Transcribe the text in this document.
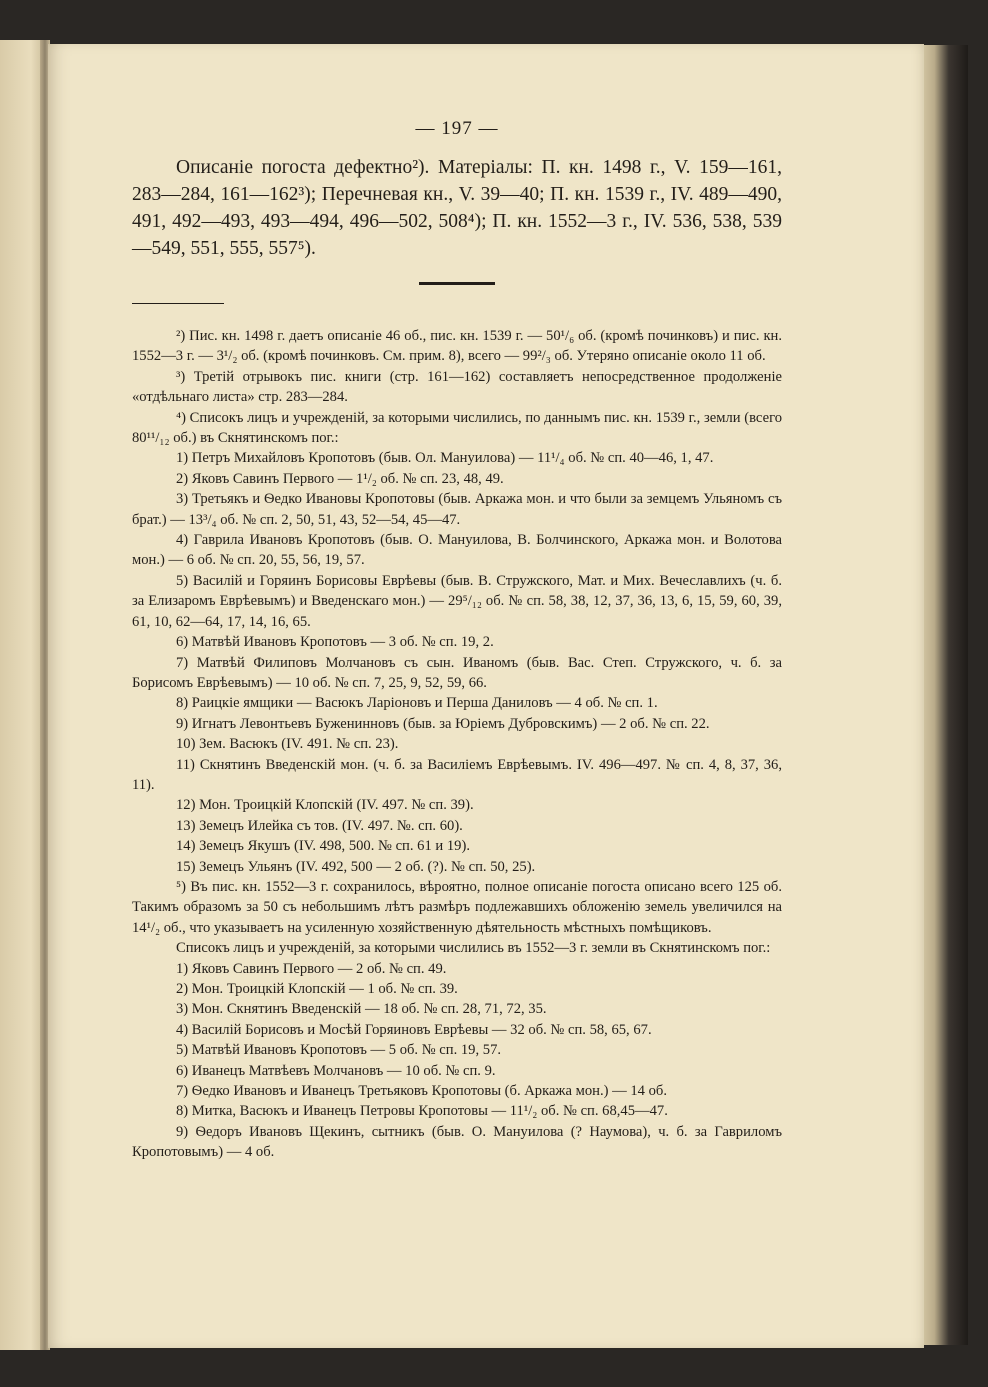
— 197 —

Описанiе погоста дефектно²). Матерiалы: П. кн. 1498 г., V. 159—161, 283—284, 161—162³); Перечневая кн., V. 39—40; П. кн. 1539 г., IV. 489—490, 491, 492—493, 493—494, 496—502, 508⁴); П. кн. 1552—3 г., IV. 536, 538, 539—549, 551, 555, 557⁵).

²) Пис. кн. 1498 г. даетъ описанiе 46 об., пис. кн. 1539 г. — 50¹/₆ об. (кромѣ починковъ) и пис. кн. 1552—3 г. — 3¹/₂ об. (кромѣ починковъ. См. прим. 8), всего — 99²/₃ об. Утеряно описанiе около 11 об.

³) Третiй отрывокъ пис. книги (стр. 161—162) составляетъ непосредственное продолженiе «отдѣльнаго листа» стр. 283—284.

⁴) Списокъ лицъ и учрежденiй, за которыми числились, по даннымъ пис. кн. 1539 г., земли (всего 80¹¹/₁₂ об.) въ Скнятинскомъ пог.:

1) Петръ Михайловъ Кропотовъ (быв. Ол. Мануилова) — 11¹/₄ об. № сп. 40—46, 1, 47.

2) Яковъ Савинъ Первого — 1¹/₂ об. № сп. 23, 48, 49.

3) Третьякъ и Ѳедко Ивановы Кропотовы (быв. Аркажа мон. и что были за земцемъ Ульяномъ съ брат.) — 13³/₄ об. № сп. 2, 50, 51, 43, 52—54, 45—47.

4) Гаврила Ивановъ Кропотовъ (быв. О. Мануилова, В. Болчинского, Аркажа мон. и Волотова мон.) — 6 об. № сп. 20, 55, 56, 19, 57.

5) Василiй и Горяинъ Борисовы Еврѣевы (быв. В. Стружского, Мат. и Мих. Вечеславлихъ (ч. б. за Елизаромъ Еврѣевымъ) и Введенскаго мон.) — 29⁵/₁₂ об. № сп. 58, 38, 12, 37, 36, 13, 6, 15, 59, 60, 39, 61, 10, 62—64, 17, 14, 16, 65.

6) Матвѣй Ивановъ Кропотовъ — 3 об. № сп. 19, 2.

7) Матвѣй Филиповъ Молчановъ съ сын. Иваномъ (быв. Вас. Степ. Стружского, ч. б. за Борисомъ Еврѣевымъ) — 10 об. № сп. 7, 25, 9, 52, 59, 66.

8) Раицкiе ямщики — Васюкъ Ларiоновъ и Перша Даниловъ — 4 об. № сп. 1.

9) Игнатъ Левонтьевъ Буженинновъ (быв. за Юрiемъ Дубровскимъ) — 2 об. № сп. 22.

10) Зем. Васюкъ (IV. 491. № сп. 23).

11) Скнятинъ Введенскiй мон. (ч. б. за Василiемъ Еврѣевымъ. IV. 496—497. № сп. 4, 8, 37, 36, 11).

12) Мон. Троицкiй Клопскiй (IV. 497. № сп. 39).

13) Земецъ Илейка съ тов. (IV. 497. №. сп. 60).

14) Земецъ Якушъ (IV. 498, 500. № сп. 61 и 19).

15) Земецъ Ульянъ (IV. 492, 500 — 2 об. (?). № сп. 50, 25).

⁵) Въ пис. кн. 1552—3 г. сохранилось, вѣроятно, полное описанiе погоста описано всего 125 об. Такимъ образомъ за 50 съ небольшимъ лѣтъ размѣръ подлежавшихъ обложенiю земель увеличился на 14¹/₂ об., что указываетъ на усиленную хозяйственную дѣятельность мѣстныхъ помѣщиковъ.

Списокъ лицъ и учрежденiй, за которыми числились въ 1552—3 г. земли въ Скнятинскомъ пог.:

1) Яковъ Савинъ Первого — 2 об. № сп. 49.

2) Мон. Троицкiй Клопскiй — 1 об. № сп. 39.

3) Мон. Скнятинъ Введенскiй — 18 об. № сп. 28, 71, 72, 35.

4) Василiй Борисовъ и Мосѣй Горяиновъ Еврѣевы — 32 об. № сп. 58, 65, 67.

5) Матвѣй Ивановъ Кропотовъ — 5 об. № сп. 19, 57.

6) Иванецъ Матвѣевъ Молчановъ — 10 об. № сп. 9.

7) Ѳедко Ивановъ и Иванецъ Третьяковъ Кропотовы (б. Аркажа мон.) — 14 об.

8) Митка, Васюкъ и Иванецъ Петровы Кропотовы — 11¹/₂ об. № сп. 68,45—47.

9) Ѳедоръ Ивановъ Щекинъ, сытникъ (быв. О. Мануилова (? Наумова), ч. б. за Гавриломъ Кропотовымъ) — 4 об.
